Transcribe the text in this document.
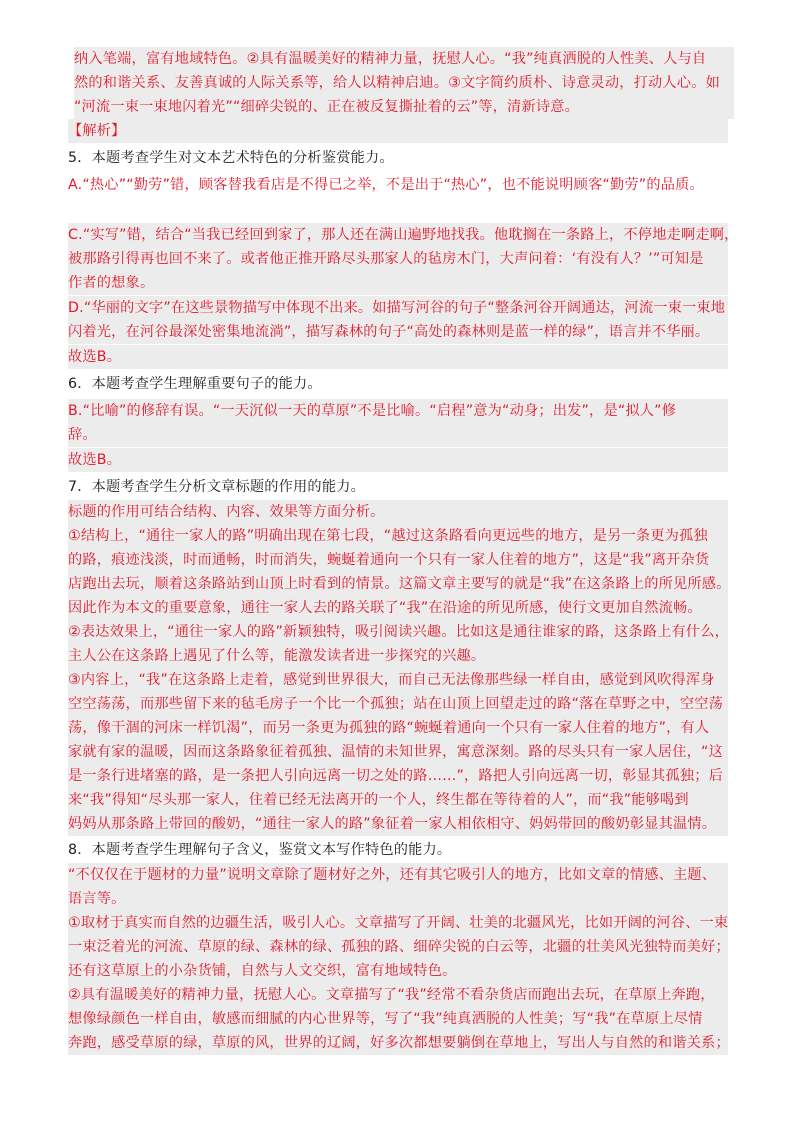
纳入笔端，富有地域特色。②具有温暖美好的精神力量，抚慰人心。“我”纯真洒脱的人性美、人与自
然的和谐关系、友善真诚的人际关系等，给人以精神启迪。③文字简约质朴、诗意灵动，打动人心。如
“河流一束一束地闪着光”“细碎尖锐的、正在被反复撕扯着的云”等，清新诗意。
【解析】
5．本题考查学生对文本艺术特色的分析鉴赏能力。
A.“热心”“勤劳”错，顾客替我看店是不得已之举，不是出于“热心”，也不能说明顾客“勤劳”的品质。
C.“实写”错，结合“当我已经回到家了，那人还在满山遍野地找我。他耽搁在一条路上，不停地走啊走啊，
被那路引得再也回不来了。或者他正推开路尽头那家人的毡房木门，大声问着：‘有没有人？’”可知是
作者的想象。
D.“华丽的文字”在这些景物描写中体现不出来。如描写河谷的句子“整条河谷开阔通达，河流一束一束地
闪着光，在河谷最深处密集地流淌”，描写森林的句子“高处的森林则是蓝一样的绿”，语言并不华丽。
故选B。
6．本题考查学生理解重要句子的能力。
B.“比喻”的修辞有误。“一天沉似一天的草原”不是比喻。“启程”意为“动身；出发”，是“拟人”修
辞。
故选B。
7．本题考查学生分析文章标题的作用的能力。
标题的作用可结合结构、内容、效果等方面分析。
①结构上，“通往一家人的路”明确出现在第七段，“越过这条路看向更远些的地方，是另一条更为孤独
的路，痕迹浅淡，时而通畅，时而消失，蜿蜒着通向一个只有一家人住着的地方”，这是“我”离开杂货
店跑出去玩，顺着这条路站到山顶上时看到的情景。这篇文章主要写的就是“我”在这条路上的所见所感。
因此作为本文的重要意象，通往一家人去的路关联了“我”在沿途的所见所感，使行文更加自然流畅。
②表达效果上，“通往一家人的路”新颖独特，吸引阅读兴趣。比如这是通往谁家的路，这条路上有什么，
主人公在这条路上遇见了什么等，能激发读者进一步探究的兴趣。
③内容上，“我”在这条路上走着，感觉到世界很大，而自己无法像那些绿一样自由，感觉到风吹得浑身
空空荡荡，而那些留下来的毡毛房子一个比一个孤独；站在山顶上回望走过的路“落在草野之中，空空荡
荡，像干涸的河床一样饥渴”，而另一条更为孤独的路“蜿蜒着通向一个只有一家人住着的地方”，有人
家就有家的温暖，因而这条路象征着孤独、温情的未知世界，寓意深刻。路的尽头只有一家人居住，“这
是一条行进堵塞的路，是一条把人引向远离一切之处的路……”，路把人引向远离一切，彰显其孤独；后
来“我”得知“尽头那一家人，住着已经无法离开的一个人，终生都在等待着的人”，而“我”能够喝到
妈妈从那条路上带回的酸奶，“通往一家人的路”象征着一家人相依相守、妈妈带回的酸奶彰显其温情。
8．本题考查学生理解句子含义，鉴赏文本写作特色的能力。
“不仅仅在于题材的力量”说明文章除了题材好之外，还有其它吸引人的地方，比如文章的情感、主题、
语言等。
①取材于真实而自然的边疆生活，吸引人心。文章描写了开阔、壮美的北疆风光，比如开阔的河谷、一束
一束泛着光的河流、草原的绿、森林的绿、孤独的路、细碎尖锐的白云等，北疆的壮美风光独特而美好；
还有这草原上的小杂货铺，自然与人文交织，富有地域特色。
②具有温暖美好的精神力量，抚慰人心。文章描写了“我”经常不看杂货店而跑出去玩，在草原上奔跑，
想像绿颜色一样自由，敏感而细腻的内心世界等，写了“我”纯真洒脱的人性美；写“我”在草原上尽情
奔跑，感受草原的绿，草原的风，世界的辽阔，好多次都想要躺倒在草地上，写出人与自然的和谐关系；
